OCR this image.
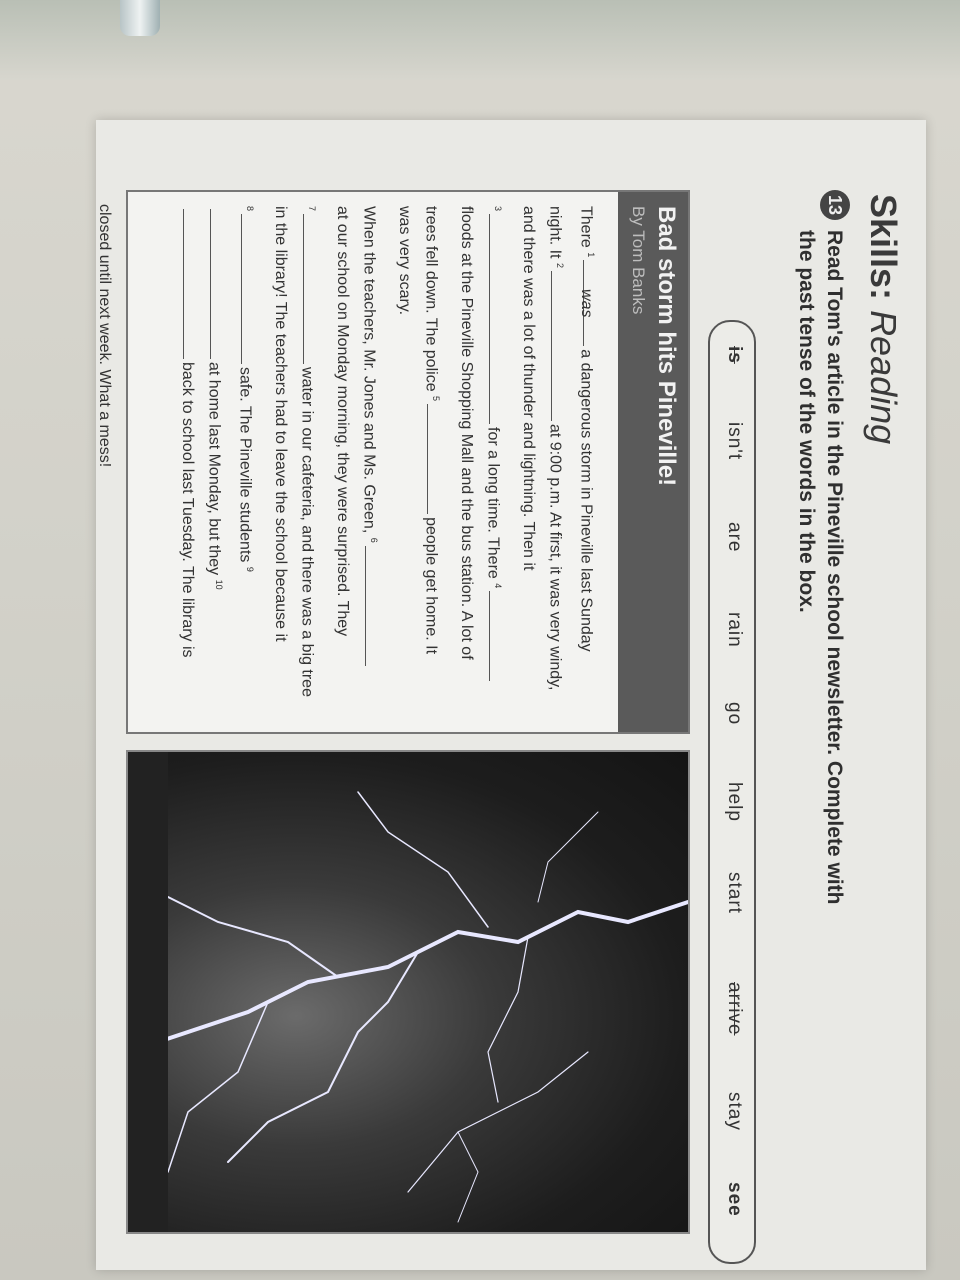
Skills: Reading
13
Read Tom's article in the Pineville school newsletter. Complete with the past tense of the words in the box.
is
isn't
are
rain
go
help
start
arrive
stay
see
Bad storm hits Pineville!
By Tom Banks
There $^1$wasa dangerous storm in Pineville last Sunday
night. It $^2$at 9:00 p.m. At first, it was very windy,
and there was a lot of thunder and lightning. Then it
$^3$for a long time. There $^4$
floods at the Pineville Shopping Mall and the bus station. A lot of
trees fell down. The police $^5$people get home. It
was very scary.
When the teachers, Mr. Jones and Ms. Green, $^6$
at our school on Monday morning, they were surprised. They
$^7$water in our cafeteria, and there was a big tree
in the library! The teachers had to leave the school because it
$^8$safe. The Pineville students $^9$
at home last Monday, but they $^{10}$
back to school last Tuesday. The library is
closed until next week. What a mess!
